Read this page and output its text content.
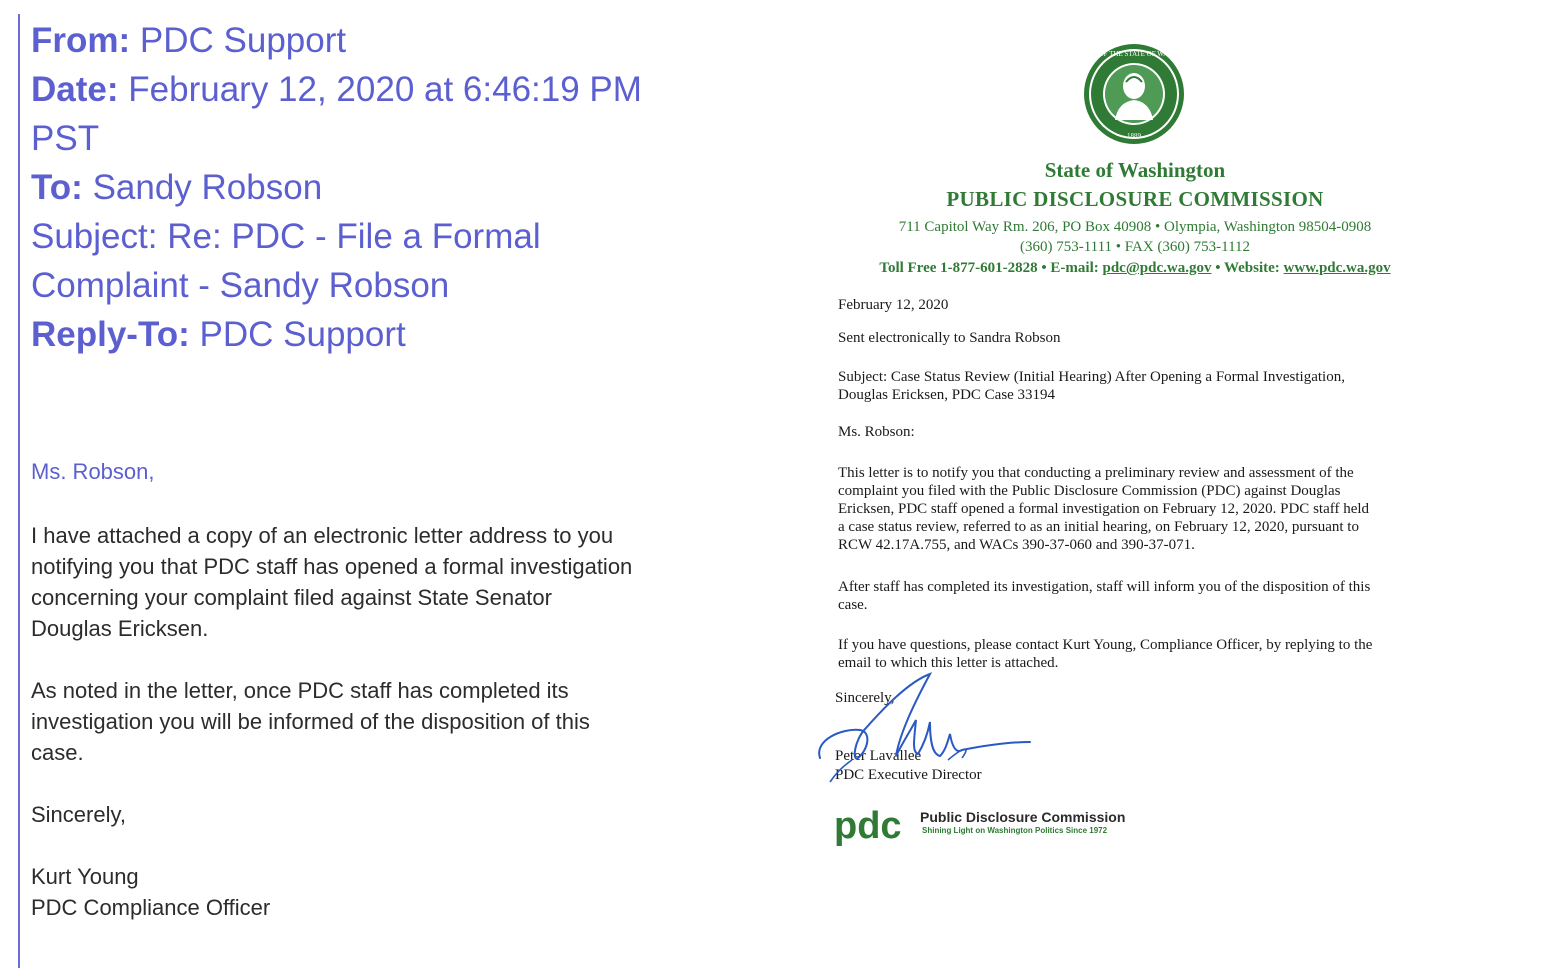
From: PDC Support
Date: February 12, 2020 at 6:46:19 PM
PST
To: Sandy Robson
Subject: Re: PDC - File a Formal
Complaint - Sandy Robson
Reply-To: PDC Support
Ms. Robson,

I have attached a copy of an electronic letter address to you

notifying you that PDC staff has opened a formal investigation

concerning your complaint filed against State Senator

Douglas Ericksen.

As noted in the letter, once PDC staff has completed its

investigation you will be informed of the disposition of this

case.

Sincerely,

Kurt Young

PDC Compliance Officer

THE SEAL OF THE STATE OF WASHINGTON
1889
State of Washington
PUBLIC DISCLOSURE COMMISSION
711 Capitol Way Rm. 206, PO Box 40908 • Olympia, Washington 98504-0908
(360) 753-1111 • FAX (360) 753-1112
Toll Free 1-877-601-2828 • E-mail: pdc@pdc.wa.gov • Website: www.pdc.wa.gov
February 12, 2020
Sent electronically to Sandra Robson
Subject: Case Status Review (Initial Hearing) After Opening a Formal Investigation,
Douglas Ericksen, PDC Case 33194
Ms. Robson:
This letter is to notify you that conducting a preliminary review and assessment of the
complaint you filed with the Public Disclosure Commission (PDC) against Douglas
Ericksen, PDC staff opened a formal investigation on February 12, 2020. PDC staff held
a case status review, referred to as an initial hearing, on February 12, 2020, pursuant to
RCW 42.17A.755, and WACs 390-37-060 and 390-37-071.
After staff has completed its investigation, staff will inform you of the disposition of this
case.
If you have questions, please contact Kurt Young, Compliance Officer, by replying to the
email to which this letter is attached.
Sincerely,
Peter Lavallee
PDC Executive Director
pdc Public Disclosure Commission
Shining Light on Washington Politics Since 1972
